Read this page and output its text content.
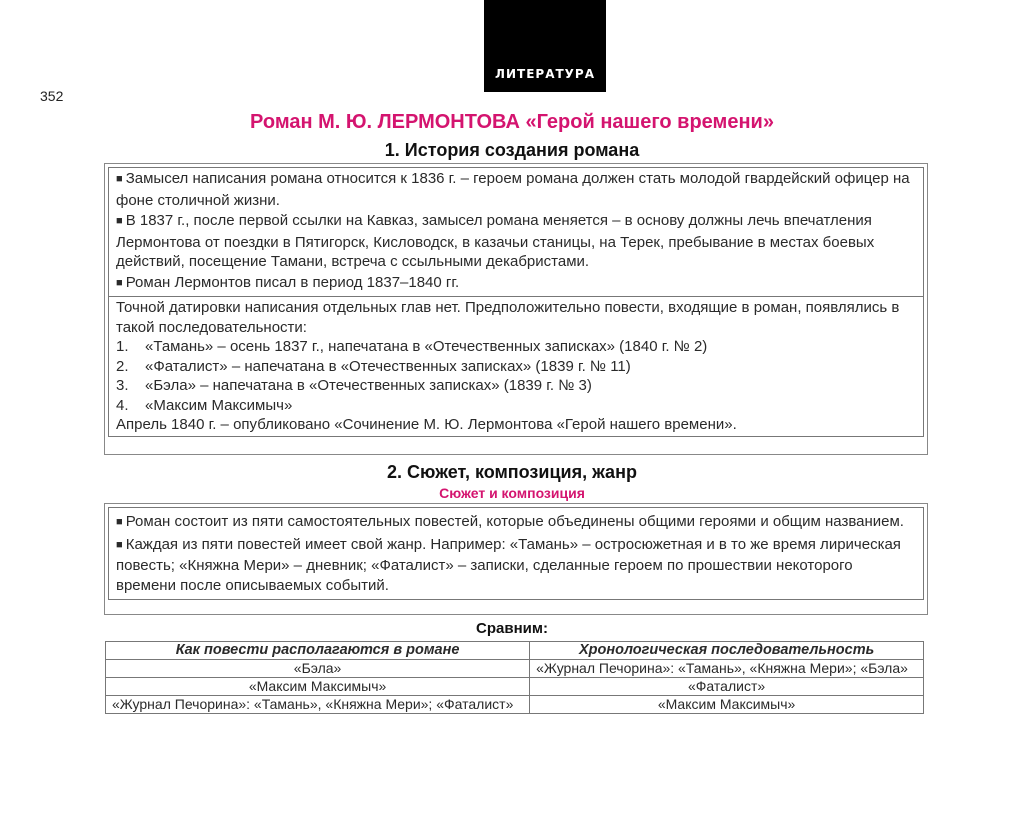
ЛИТЕРАТУРА
352
Роман М. Ю. ЛЕРМОНТОВА «Герой нашего времени»
1. История создания романа

■ Замысел написания романа относится к 1836 г. – героем романа должен стать молодой гвардейский офицер на фоне столичной жизни.

■ В 1837 г., после первой ссылки на Кавказ, замысел романа меняется – в основу должны лечь впечатления Лермонтова от поездки в Пятигорск, Кисловодск, в казачьи станицы, на Терек, пребывание в местах боевых действий, посещение Тамани, встреча с ссыльными декабристами.

■ Роман Лермонтов писал в период 1837–1840 гг.

Точной датировки написания отдельных глав нет. Предположительно повести, входящие в роман, появлялись в такой последовательности:

1. «Тамань» – осень 1837 г., напечатана в «Отечественных записках» (1840 г. № 2)
2. «Фаталист» – напечатана в «Отечественных записках» (1839 г. № 11)
3. «Бэла» – напечатана в «Отечественных записках» (1839 г. № 3)
4. «Максим Максимыч»

Апрель 1840 г. – опубликовано «Сочинение М. Ю. Лермонтова «Герой нашего времени».

2. Сюжет, композиция, жанр
Сюжет и композиция

■ Роман состоит из пяти самостоятельных повестей, которые объединены общими героями и общим названием.

■ Каждая из пяти повестей имеет свой жанр. Например: «Тамань» – остросюжетная и в то же время лирическая повесть; «Княжна Мери» – дневник; «Фаталист» – записки, сделанные героем по прошествии некоторого времени после описываемых событий.

Сравним:
Как повести располагаются в романе	Хронологическая последовательность
«Бэла»	«Журнал Печорина»: «Тамань», «Княжна Мери»; «Бэла»
«Максим Максимыч»	«Фаталист»
«Журнал Печорина»: «Тамань», «Княжна Мери»; «Фаталист»	«Максим Максимыч»
